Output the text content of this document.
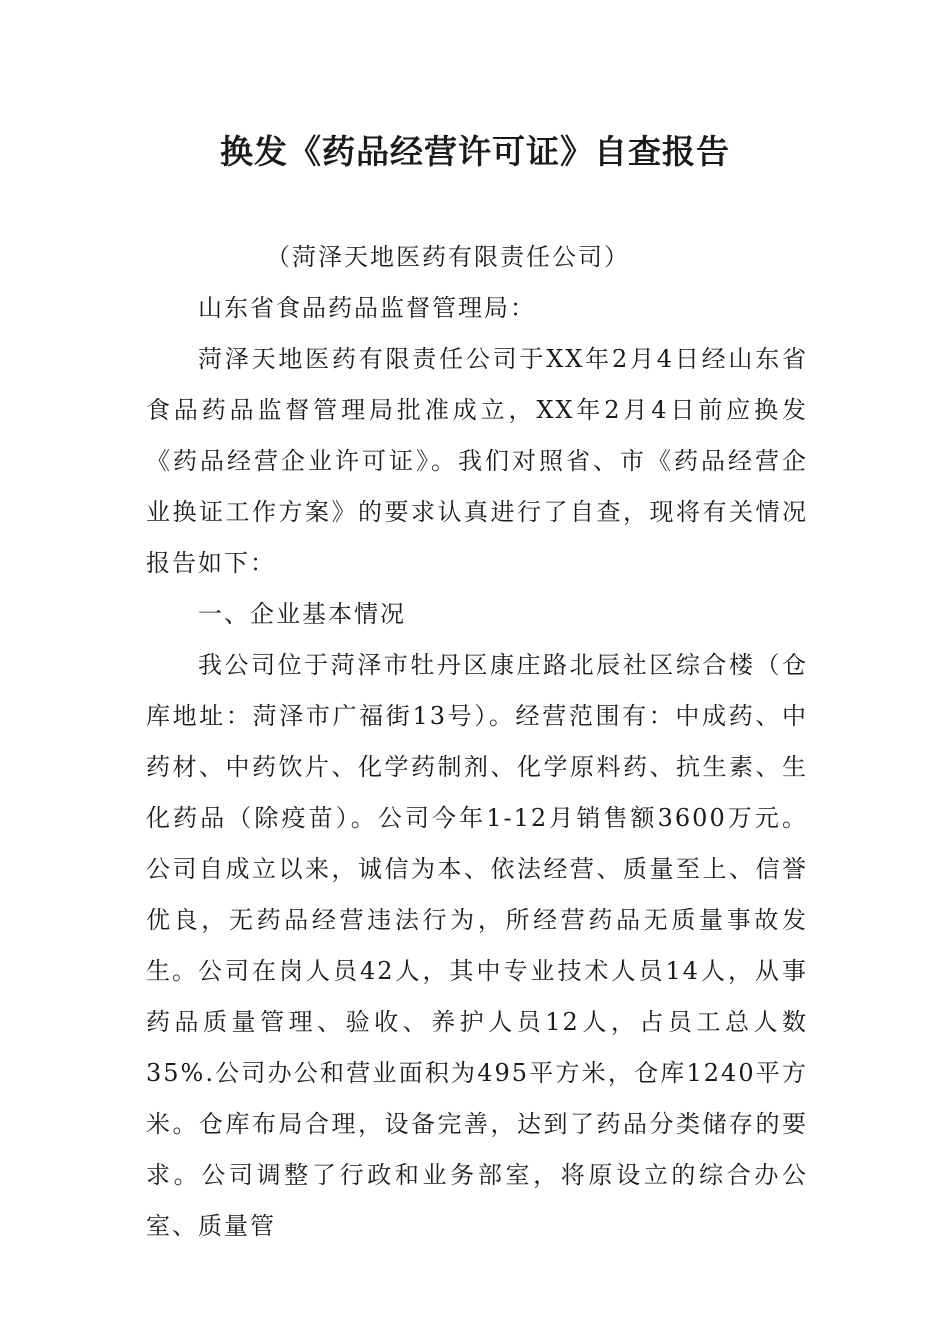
换发《药品经营许可证》自查报告

（菏泽天地医药有限责任公司）

山东省食品药品监督管理局：

菏泽天地医药有限责任公司于XX年2月4日经山东省食品药品监督管理局批准成立，XX年2月4日前应换发《药品经营企业许可证》。我们对照省、市《药品经营企业换证工作方案》的要求认真进行了自查，现将有关情况报告如下：

一、企业基本情况

我公司位于菏泽市牡丹区康庄路北辰社区综合楼（仓库地址：菏泽市广福街13号）。经营范围有：中成药、中药材、中药饮片、化学药制剂、化学原料药、抗生素、生化药品（除疫苗）。公司今年1-12月销售额3600万元。公司自成立以来，诚信为本、依法经营、质量至上、信誉优良，无药品经营违法行为，所经营药品无质量事故发生。 公司在岗人员42人，其中专业技术人员14人，从事药品质量管理、验收、养护人员12人，占员工总人数35%.公司办公和营业面积为495平方米，仓库1240平方米。仓库布局合理，设备完善，达到了药品分类储存的要求。公司调整了行政和业务部室，将原设立的综合办公室、质量管
